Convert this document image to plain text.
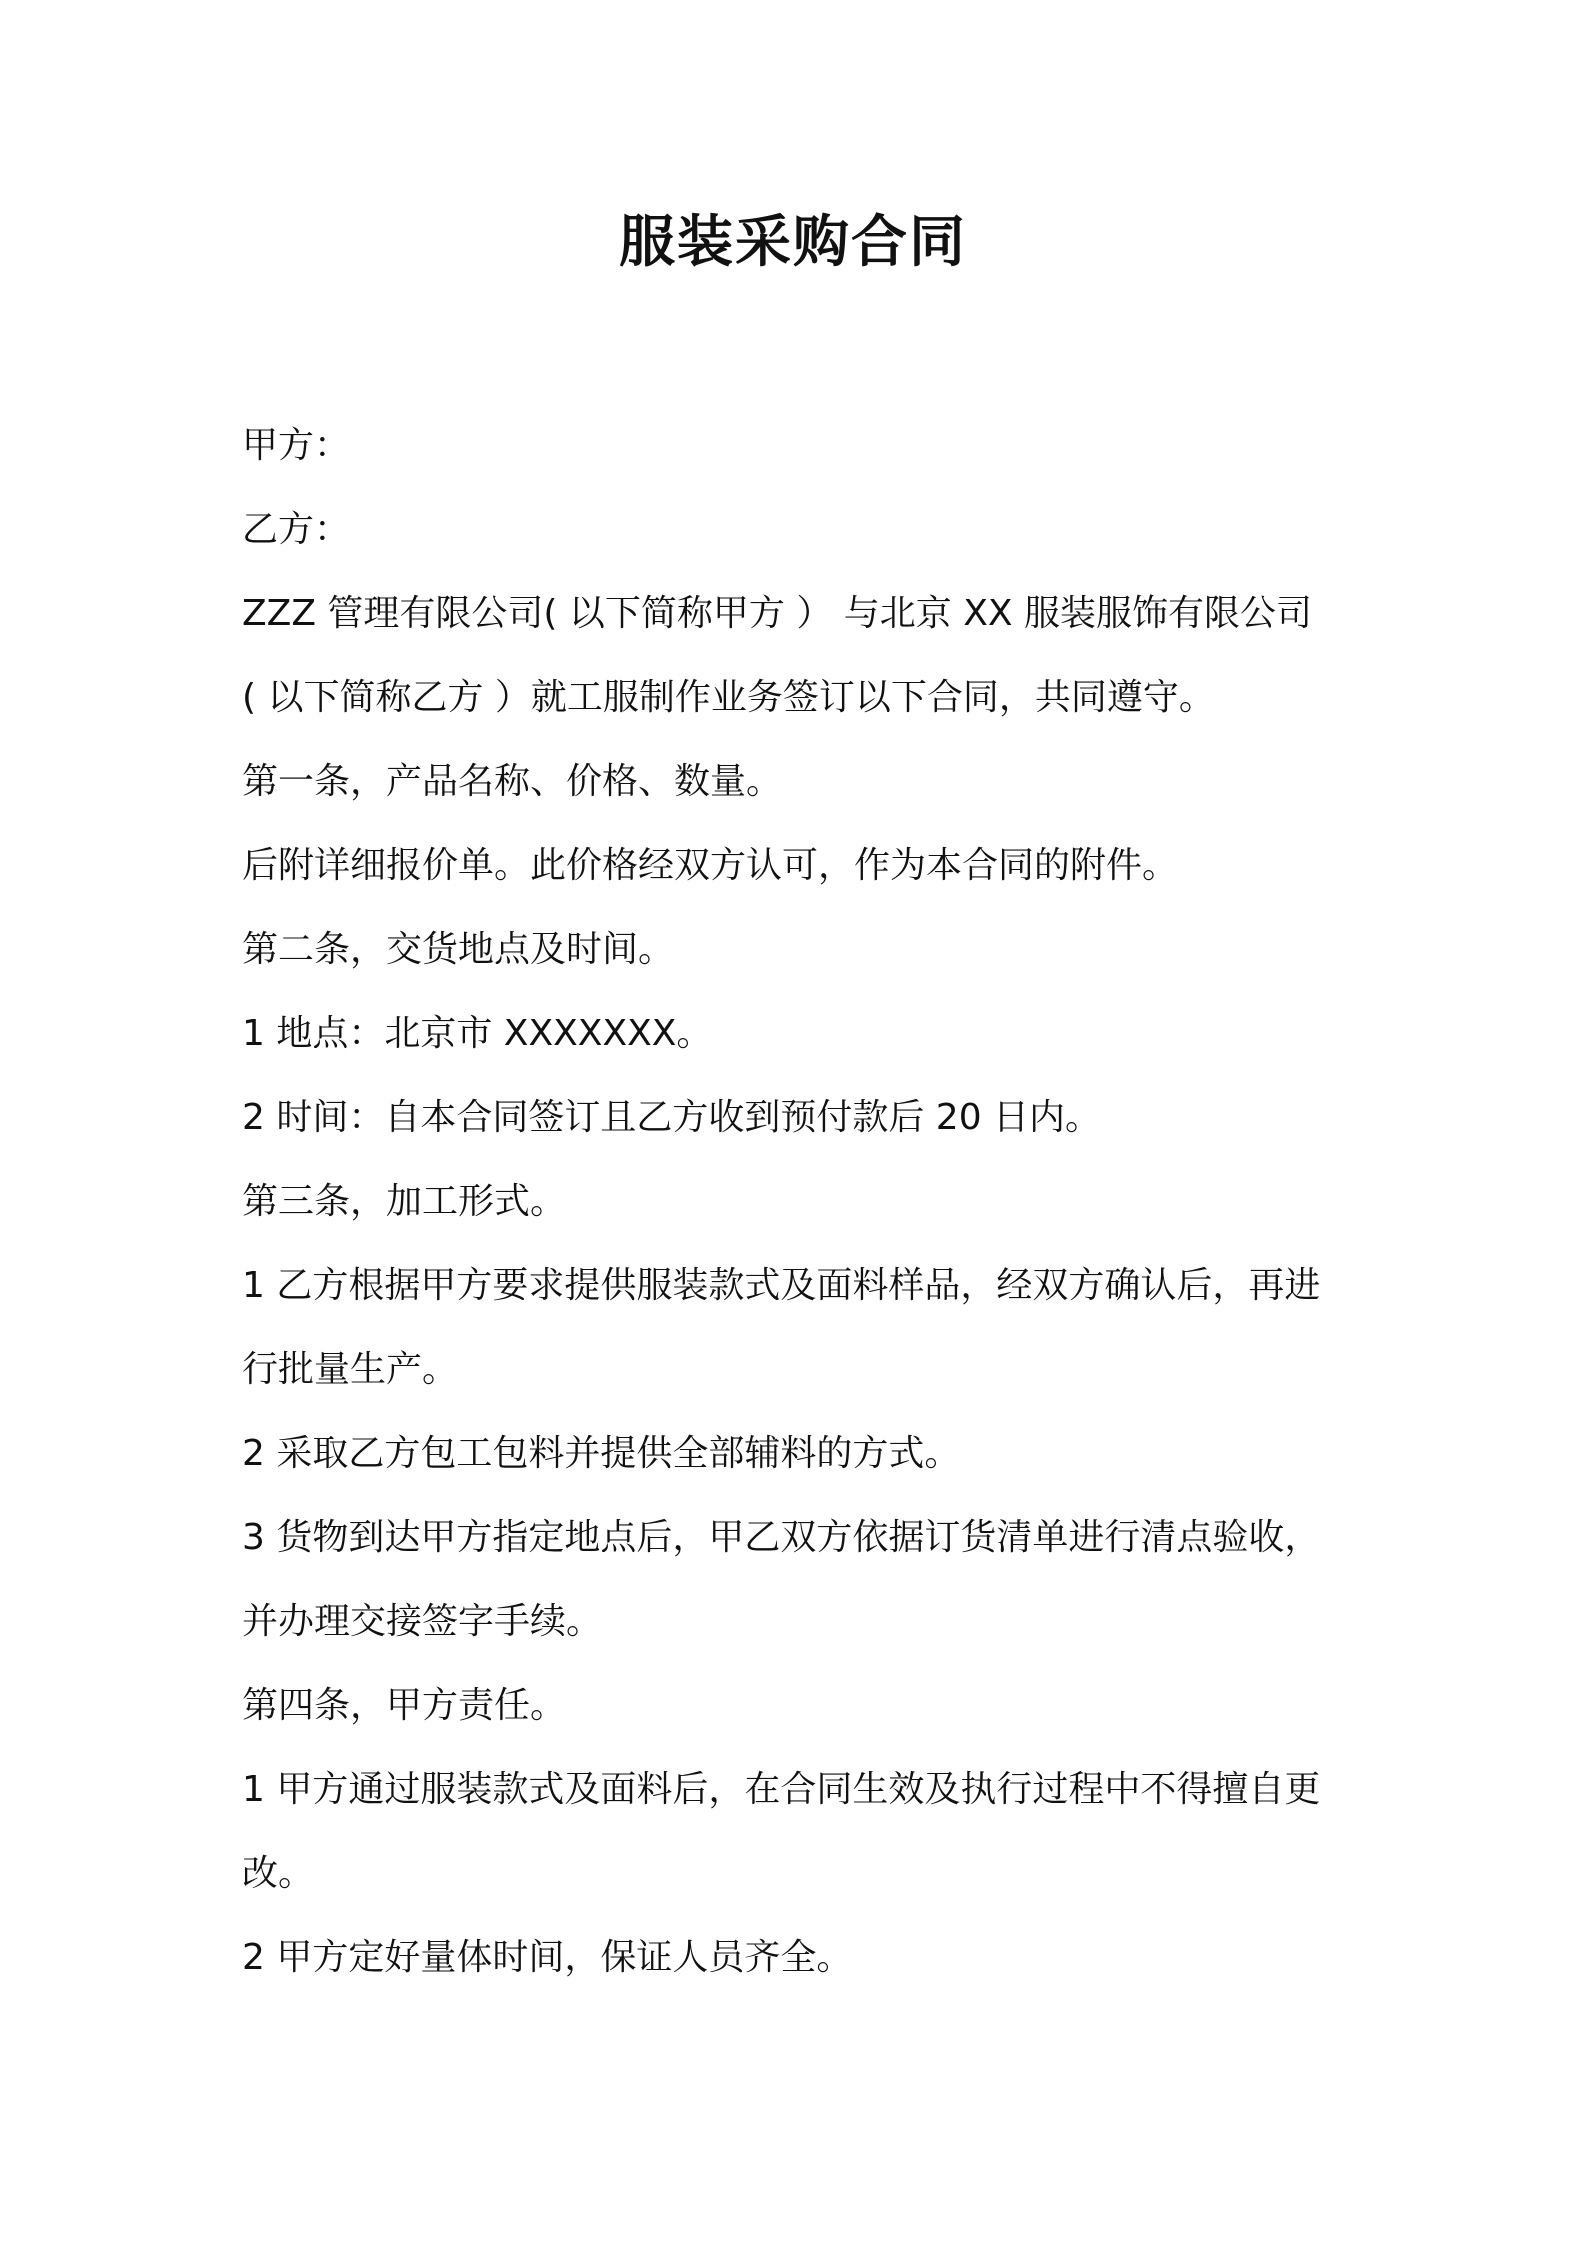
服装采购合同

甲方：

乙方：

ZZZ 管理有限公司( 以下简称甲方 ） 与北京 XX 服装服饰有限公司

( 以下简称乙方 ）就工服制作业务签订以下合同，共同遵守。

第一条，产品名称、价格、数量。

后附详细报价单。此价格经双方认可，作为本合同的附件。

第二条，交货地点及时间。

1 地点：北京市 XXXXXXX。

2 时间：自本合同签订且乙方收到预付款后 20 日内。

第三条，加工形式。

1 乙方根据甲方要求提供服装款式及面料样品，经双方确认后，再进

行批量生产。

2 采取乙方包工包料并提供全部辅料的方式。

3 货物到达甲方指定地点后，甲乙双方依据订货清单进行清点验收，

并办理交接签字手续。

第四条，甲方责任。

1 甲方通过服装款式及面料后，在合同生效及执行过程中不得擅自更

改。

2 甲方定好量体时间，保证人员齐全。
